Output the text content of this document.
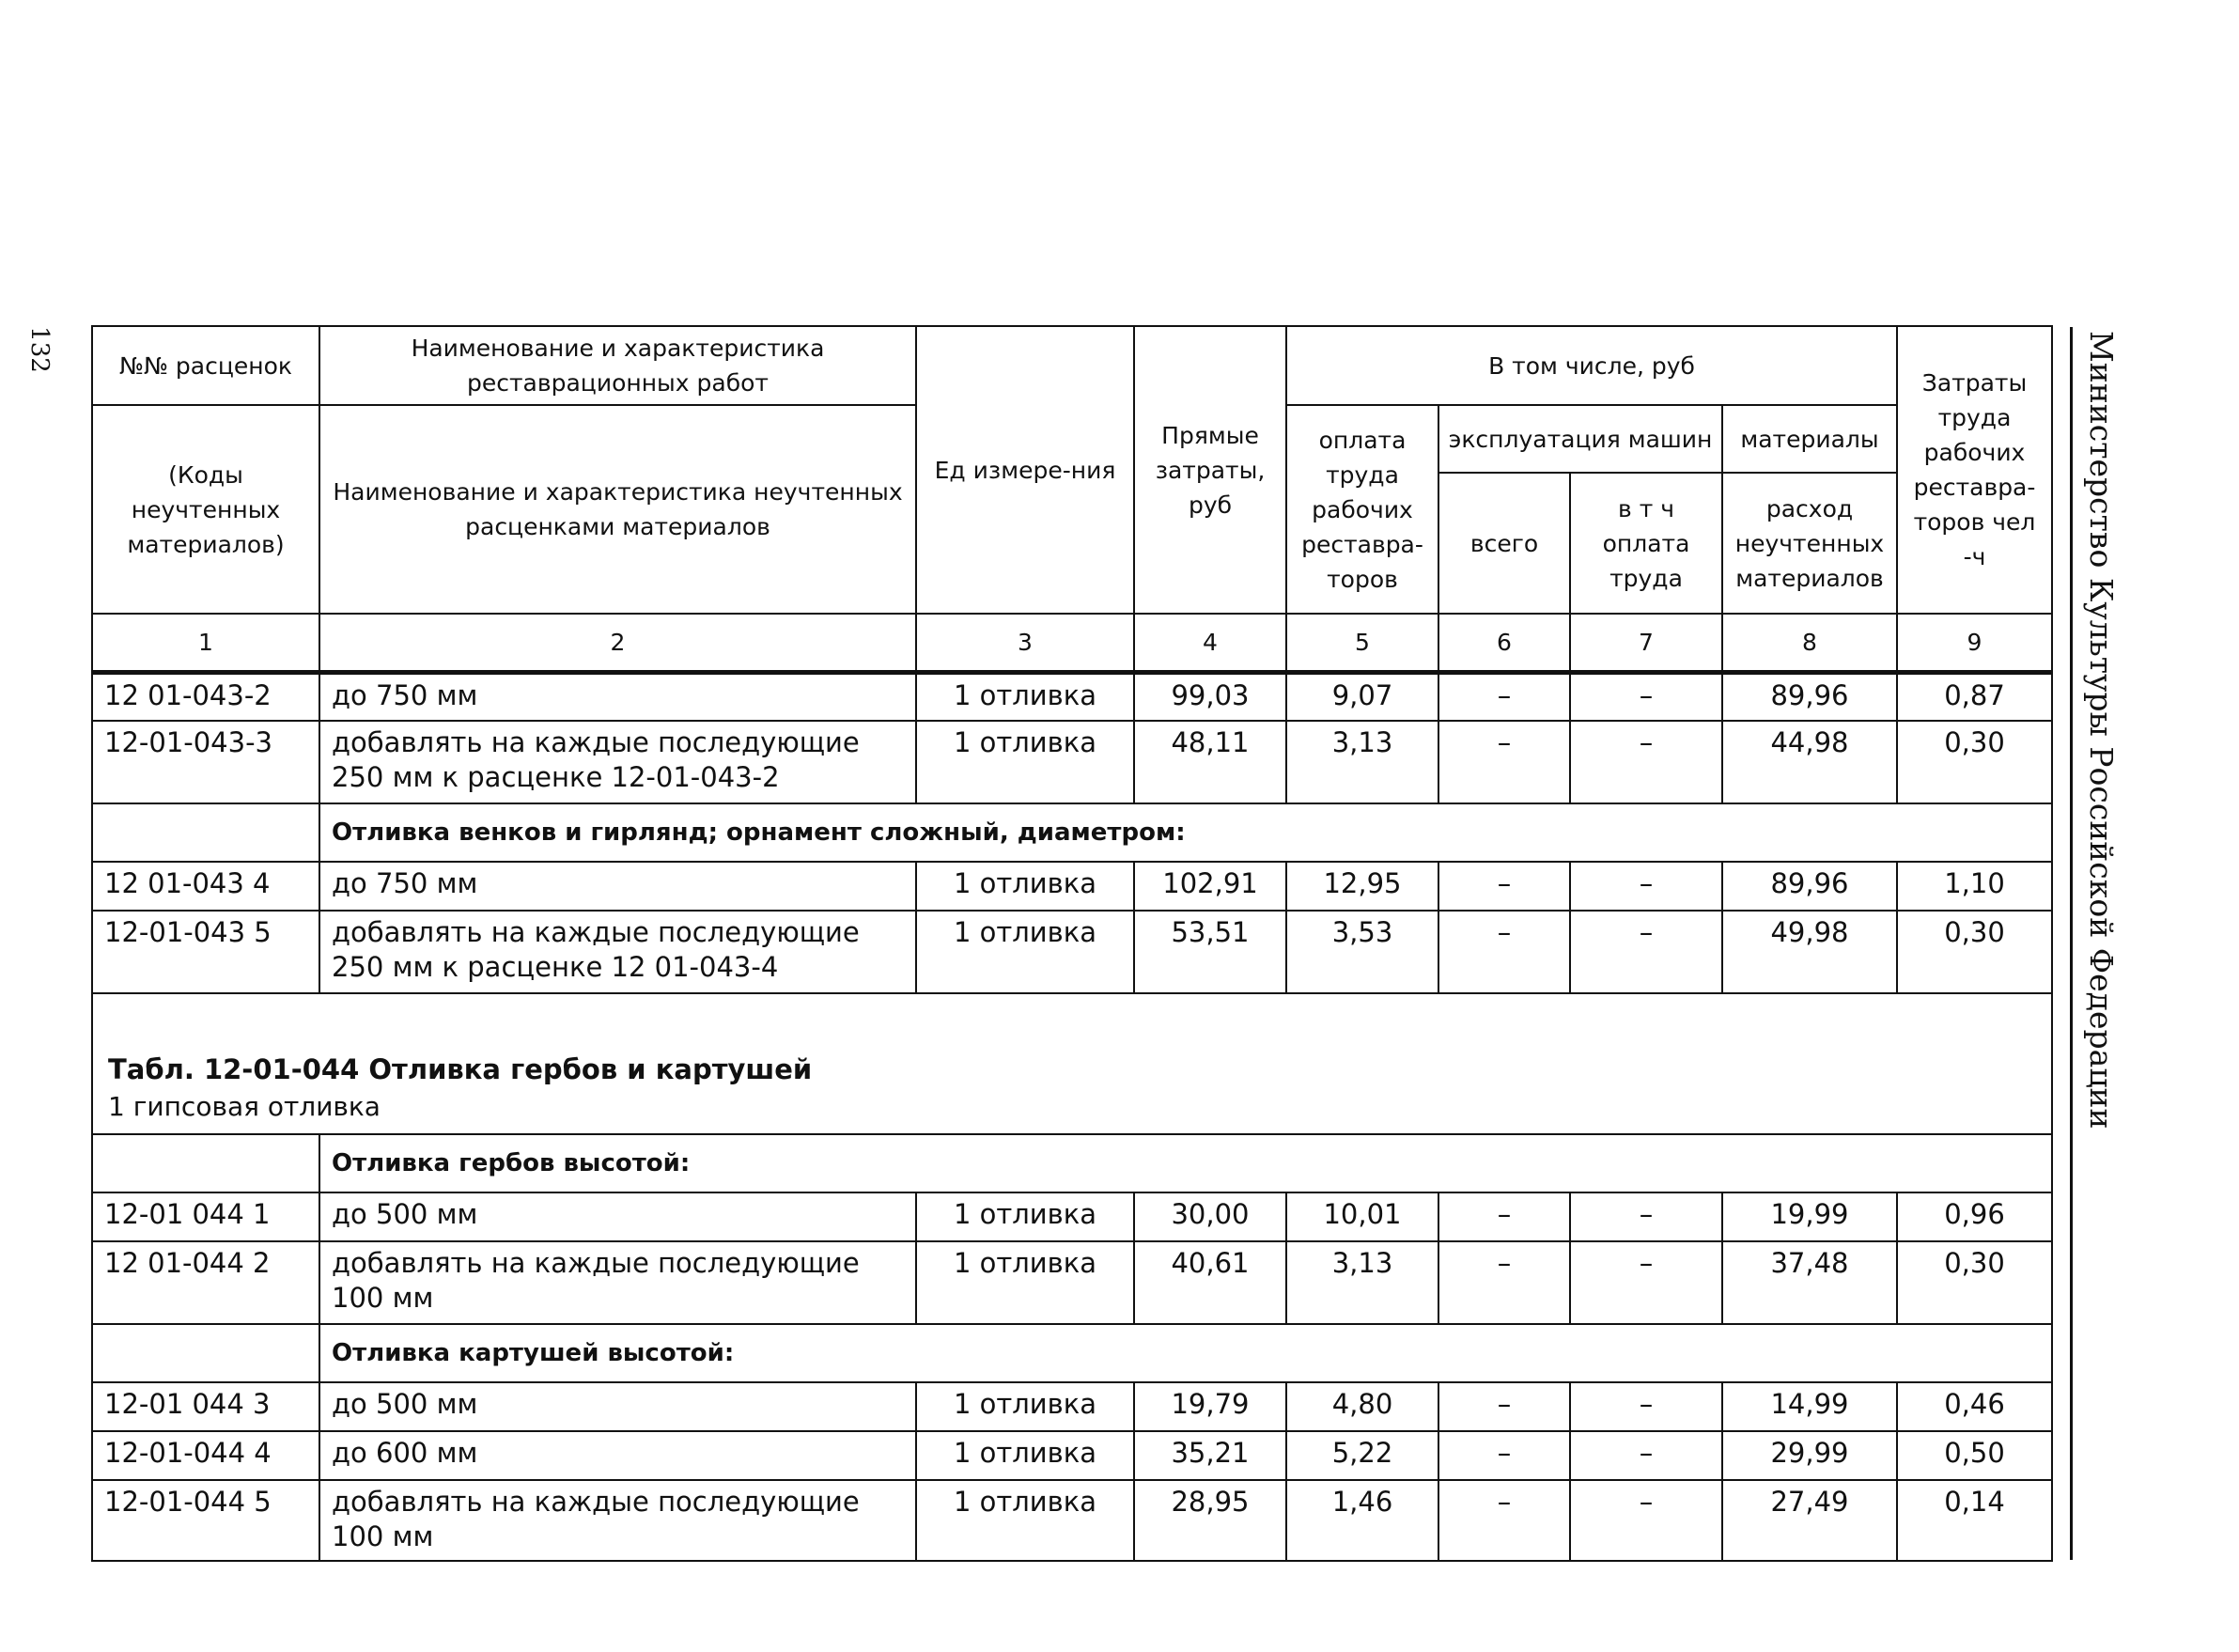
132	Министерство Культуры Российской Федерации
№№ расценок	Наименование и характеристика реставрационных работ	Ед измере-ния	Прямые затраты, руб	В том числе, руб				Затраты труда рабочих реставра-торов чел -ч
(Коды неучтенных материалов)	Наименование и характеристика неучтенных расценками материалов			оплата труда рабочих реставра-торов	эксплуатация машин		материалы	
					всего	в т ч оплата труда	расход неучтенных материалов	
1	2	3	4	5	6	7	8	9
12 01-043-2	до 750 мм	1 отливка	99,03	9,07	–	–	89,96	0,87
12-01-043-3	добавлять на каждые последующие 250 мм к расценке 12-01-043-2	1 отливка	48,11	3,13	–	–	44,98	0,30
	Отливка венков и гирлянд; орнамент сложный, диаметром:							
12 01-043 4	до 750 мм	1 отливка	102,91	12,95	–	–	89,96	1,10
12-01-043 5	добавлять на каждые последующие 250 мм к расценке 12 01-043-4	1 отливка	53,51	3,53	–	–	49,98	0,30

Табл. 12-01-044 Отливка гербов и картушей
1 гипсовая отливка								

	Отливка гербов высотой:							
12-01 044 1	до 500 мм	1 отливка	30,00	10,01	–	–	19,99	0,96
12 01-044 2	добавлять на каждые последующие 100 мм	1 отливка	40,61	3,13	–	–	37,48	0,30
	Отливка картушей высотой:							
12-01 044 3	до 500 мм	1 отливка	19,79	4,80	–	–	14,99	0,46
12-01-044 4	до 600 мм	1 отливка	35,21	5,22	–	–	29,99	0,50
12-01-044 5	добавлять на каждые последующие 100 мм	1 отливка	28,95	1,46	–	–	27,49	0,14
